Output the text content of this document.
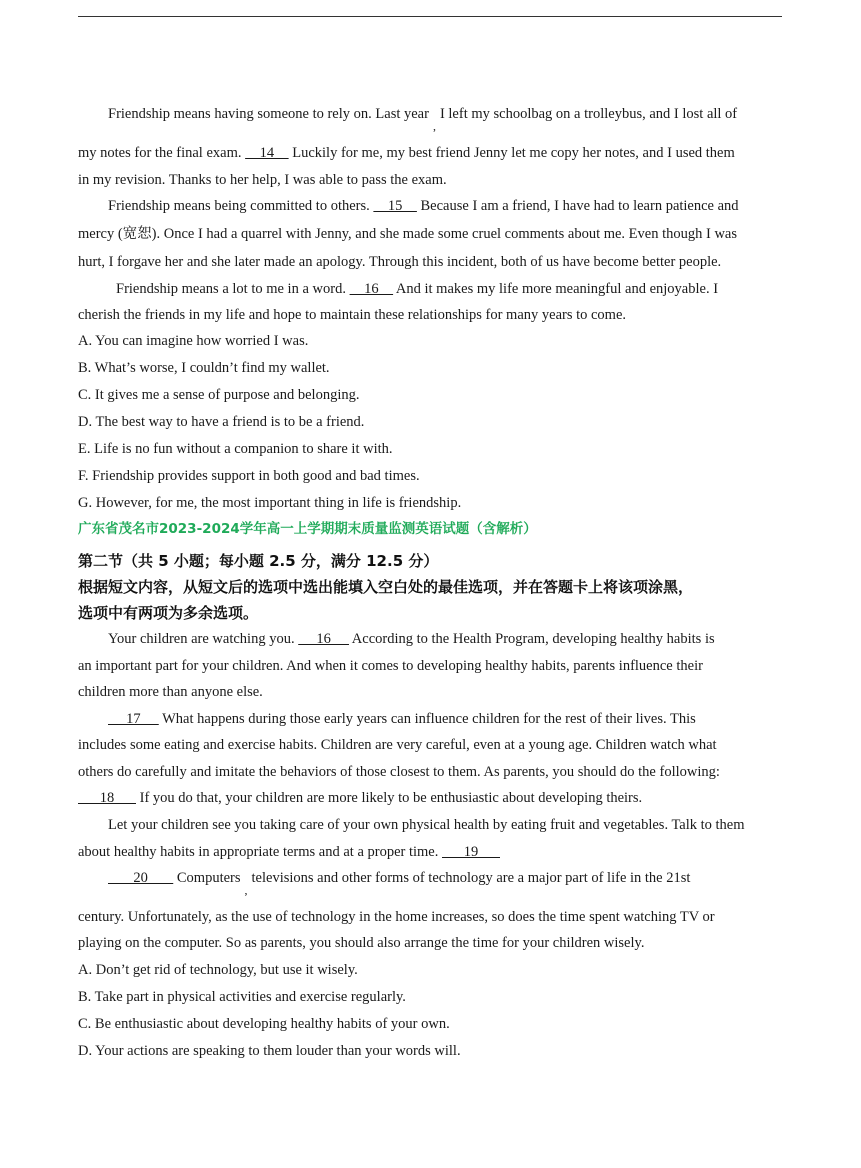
Friendship means having someone to rely on. Last year,I left my schoolbag on a trolleybus, and I lost all of
my notes for the final exam.     14     Luckily for me, my best friend Jenny let me copy her notes, and I used them
in my revision. Thanks to her help, I was able to pass the exam.
Friendship means being committed to others.     15     Because I am a friend, I have had to learn patience and
mercy (宽恕). Once I had a quarrel with Jenny, and she made some cruel comments about me. Even though I was
hurt, I forgave her and she later made an apology. Through this incident, both of us have become better people.
Friendship means a lot to me in a word.     16     And it makes my life more meaningful and enjoyable. I
cherish the friends in my life and hope to maintain these relationships for many years to come.
A. You can imagine how worried I was.
B. What’s worse, I couldn’t find my wallet.
C. It gives me a sense of purpose and belonging.
D. The best way to have a friend is to be a friend.
E. Life is no fun without a companion to share it with.
F. Friendship provides support in both good and bad times.
G. However, for me, the most important thing in life is friendship.
广东省茂名市2023-2024学年高一上学期期末质量监测英语试题（含解析）
第二节（共 5 小题；每小题 2.5 分，满分 12.5 分）
根据短文内容，从短文后的选项中选出能填入空白处的最佳选项，并在答题卡上将该项涂黑，
选项中有两项为多余选项。
Your children are watching you.      16      According to the Health Program, developing healthy habits is
an important part for your children. And when it comes to developing healthy habits, parents influence their
children more than anyone else.
17      What happens during those early years can influence children for the rest of their lives. This
includes some eating and exercise habits. Children are very careful, even at a young age. Children watch what
others do carefully and imitate the behaviors of those closest to them. As parents, you should do the following:
18       If you do that, your children are more likely to be enthusiastic about developing theirs.
Let your children see you taking care of your own physical health by eating fruit and vegetables. Talk to them
about healthy habits in appropriate terms and at a proper time.       19
20        Computers,televisions and other forms of technology are a major part of life in the 21st
century. Unfortunately, as the use of technology in the home increases, so does the time spent watching TV or
playing on the computer. So as parents, you should also arrange the time for your children wisely.
A. Don’t get rid of technology, but use it wisely.
B. Take part in physical activities and exercise regularly.
C. Be enthusiastic about developing healthy habits of your own.
D. Your actions are speaking to them louder than your words will.
